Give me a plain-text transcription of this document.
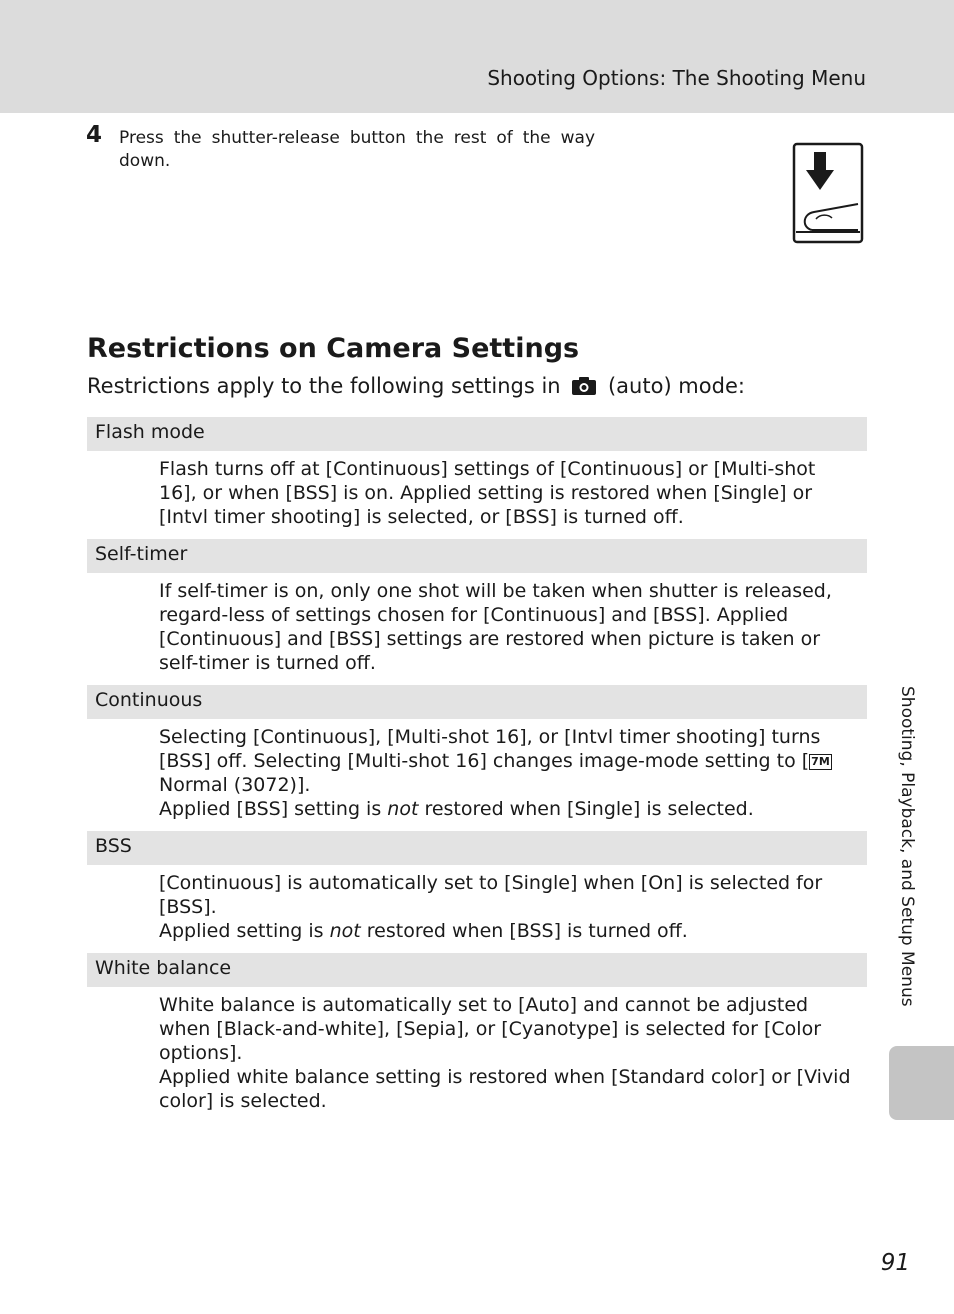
Shooting Options: The Shooting Menu
4 Press the shutter-release button the rest of the way down.
Restrictions on Camera Settings
Restrictions apply to the following settings in (auto) mode:
Flash mode

Flash turns off at [Continuous] settings of [Continuous] or [Multi-shot 16], or when [BSS] is on. Applied setting is restored when [Single] or [Intvl timer shooting] is selected, or [BSS] is turned off.

Self-timer

If self-timer is on, only one shot will be taken when shutter is released, regard-less of settings chosen for [Continuous] and [BSS]. Applied [Continuous] and [BSS] settings are restored when picture is taken or self-timer is turned off.

Continuous

Selecting [Continuous], [Multi-shot 16], or [Intvl timer shooting] turns [BSS] off. Selecting [Multi-shot 16] changes image-mode setting to [ 7MNormal (3072)].

Applied [BSS] setting is not restored when [Single] is selected.

BSS

[Continuous] is automatically set to [Single] when [On] is selected for [BSS].

Applied setting is not restored when [BSS] is turned off.

White balance

White balance is automatically set to [Auto] and cannot be adjusted when [Black-and-white], [Sepia], or [Cyanotype] is selected for [Color options].

Applied white balance setting is restored when [Standard color] or [Vivid color] is selected.

Shooting, Playback, and Setup Menus
91
